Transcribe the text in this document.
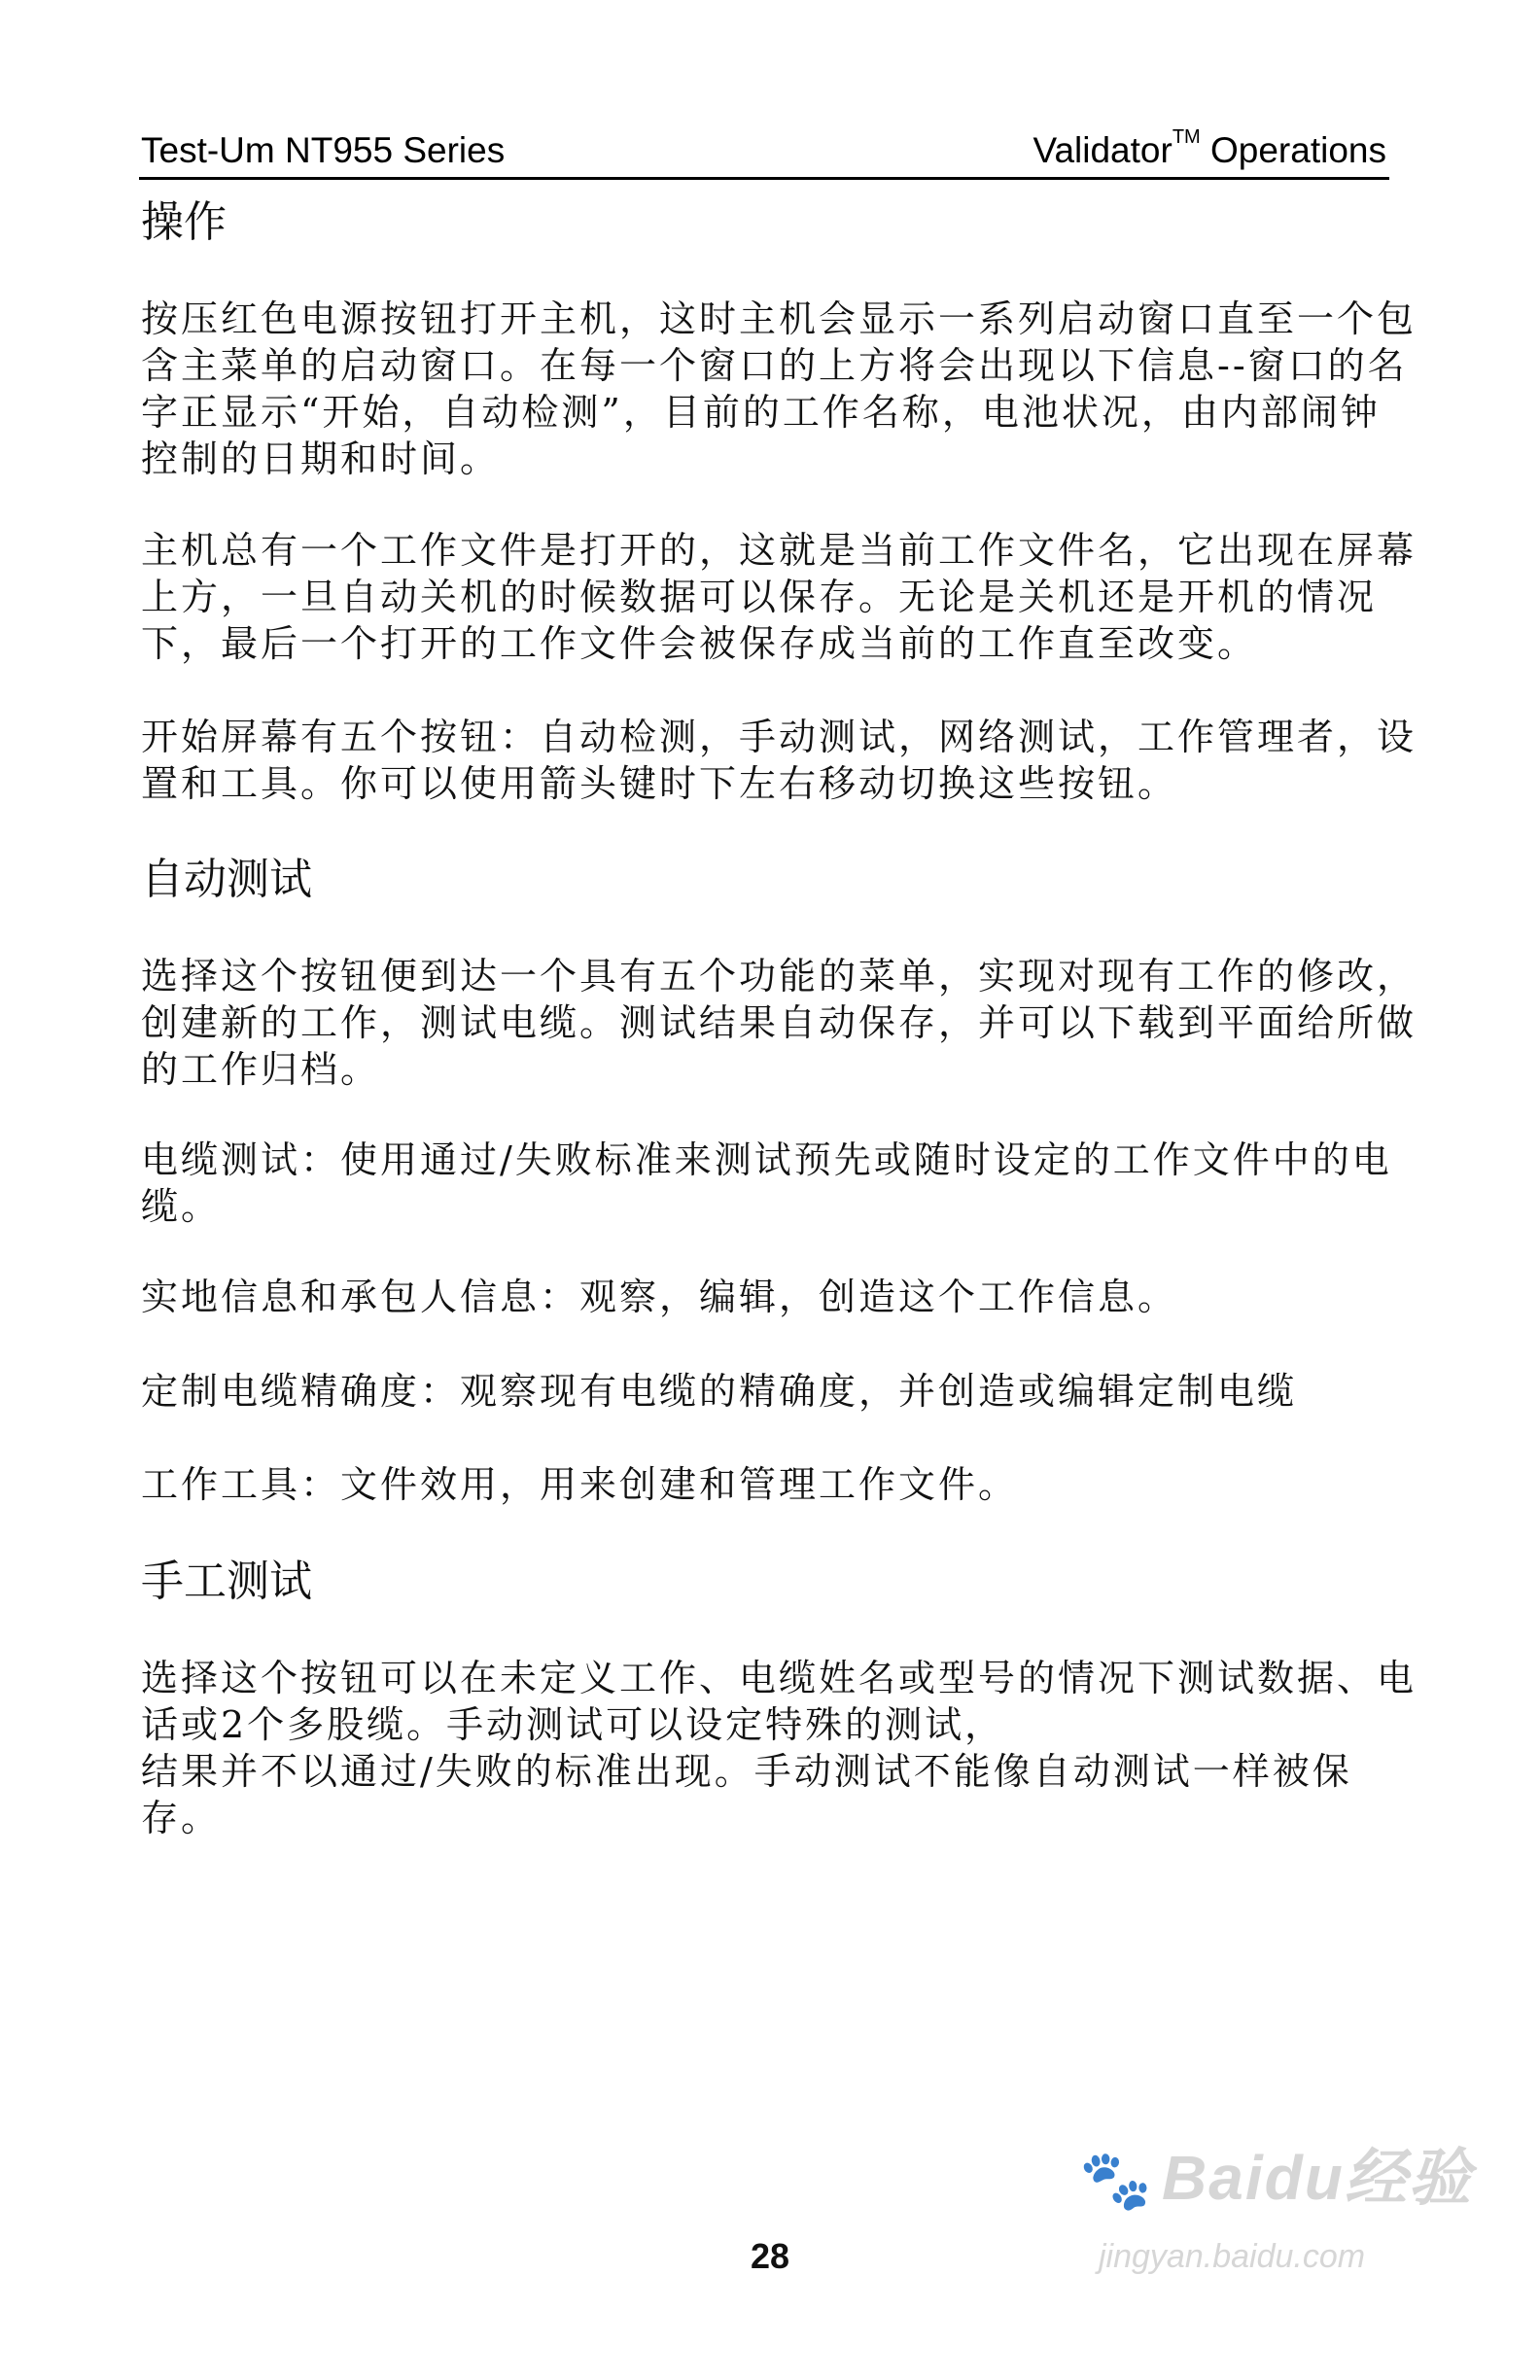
Test-Um NT955 Series	Validator™ Operations
操作
按压红色电源按钮打开主机，这时主机会显示一系列启动窗口直至一个包
含主菜单的启动窗口。在每一个窗口的上方将会出现以下信息--窗口的名
字正显示“开始，自动检测”，目前的工作名称，电池状况，由内部闹钟
控制的日期和时间。
主机总有一个工作文件是打开的，这就是当前工作文件名，它出现在屏幕
上方，一旦自动关机的时候数据可以保存。无论是关机还是开机的情况
下，最后一个打开的工作文件会被保存成当前的工作直至改变。
开始屏幕有五个按钮：自动检测，手动测试，网络测试，工作管理者，设
置和工具。你可以使用箭头键时下左右移动切换这些按钮。
自动测试
选择这个按钮便到达一个具有五个功能的菜单，实现对现有工作的修改，
创建新的工作，测试电缆。测试结果自动保存，并可以下载到平面给所做
的工作归档。
电缆测试：使用通过/失败标准来测试预先或随时设定的工作文件中的电
缆。
实地信息和承包人信息：观察，编辑，创造这个工作信息。
定制电缆精确度：观察现有电缆的精确度，并创造或编辑定制电缆
工作工具：文件效用，用来创建和管理工作文件。
手工测试
选择这个按钮可以在未定义工作、电缆姓名或型号的情况下测试数据、电
话或2个多股缆。手动测试可以设定特殊的测试，
结果并不以通过/失败的标准出现。手动测试不能像自动测试一样被保
存。
28
🐾 Baidu经验
jingyan.baidu.com
